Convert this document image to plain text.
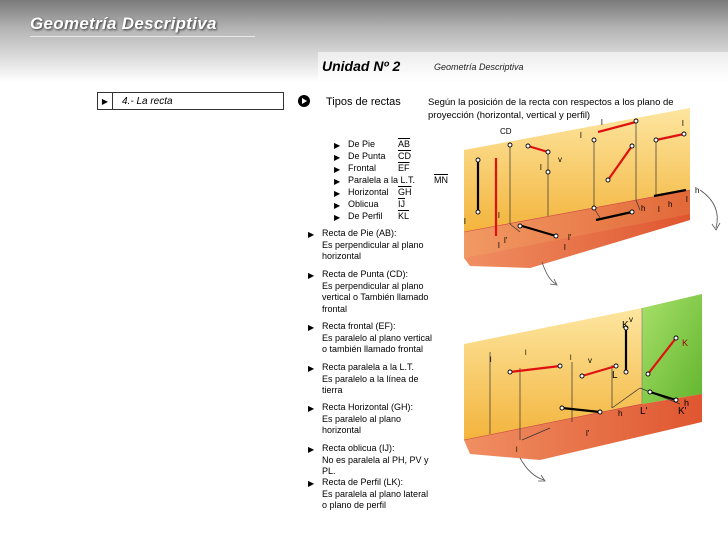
Geometría Descriptiva
Unidad Nº 2	Geometría Descriptiva
▶	4.- La recta	Tipos de rectas	Según la posición de la recta con respectos a los plano de proyección (horizontal, vertical y perfil)
▶ De Pie	$\overline{AB}$
▶ De Punta $\overline{CD}$
▶ Frontal $\overline{EF}$
▶ Paralela a la L.T. $\overline{MN}$
▶ Horizontal $\overline{GH}$
▶ Oblicua $\overline{IJ}$
▶ De Perfil $\overline{KL}$
▶ Recta de Pie (AB):
Es perpendicular al plano
horizontal
▶ Recta de Punta (CD):
Es perpendicular al plano
vertical o También llamado
frontal
▶ Recta frontal (EF):
Es paralelo al plano vertical
o también llamado frontal
▶ Recta paralela a la L.T.
Es paralelo a la línea de
tierra
▶ Recta Horizontal (GH):
Es paralelo al plano
horizontal
▶ Recta oblicua (IJ):
No es paralela al PH, PV y
PL.
▶ Recta de Perfil (LK):
Es paralela al plano lateral
o plano de perfil
CD
v
h
h
h
l
l	l
l
l
l
l
l
l'	l'
l
l
K
v
K
v
L
h L'	K'
h
l'
l
l
l
l
